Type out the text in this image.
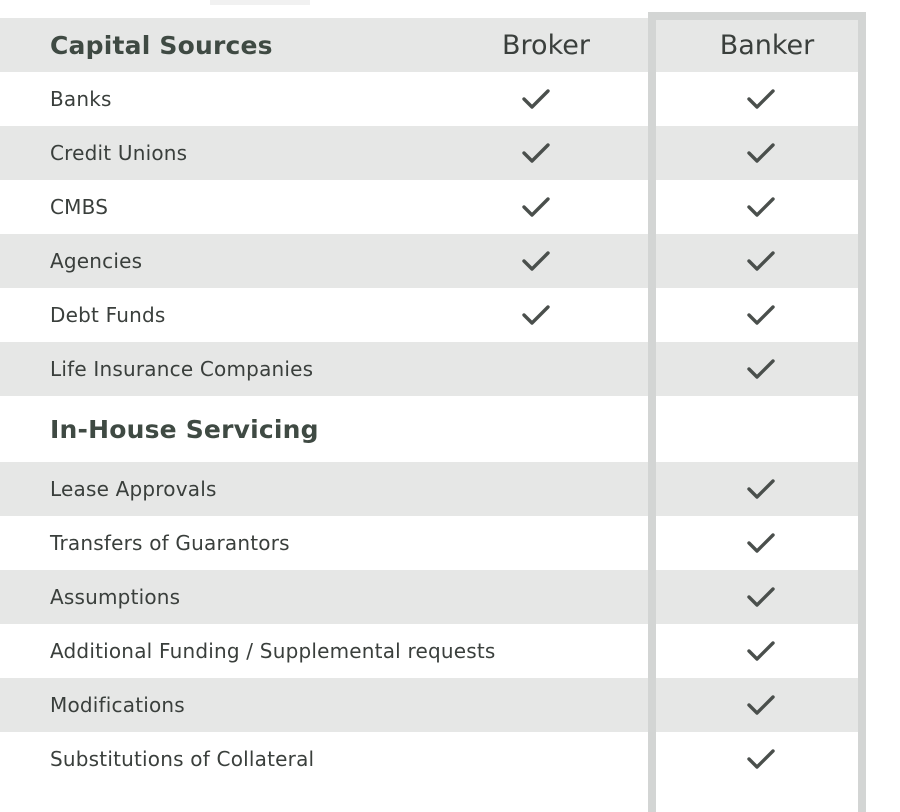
Capital Sources	Broker	Banker
Banks
Credit Unions
CMBS
Agencies
Debt Funds
Life Insurance Companies
In-House Servicing
Lease Approvals
Transfers of Guarantors
Assumptions
Additional Funding / Supplemental requests
Modifications
Substitutions of Collateral
